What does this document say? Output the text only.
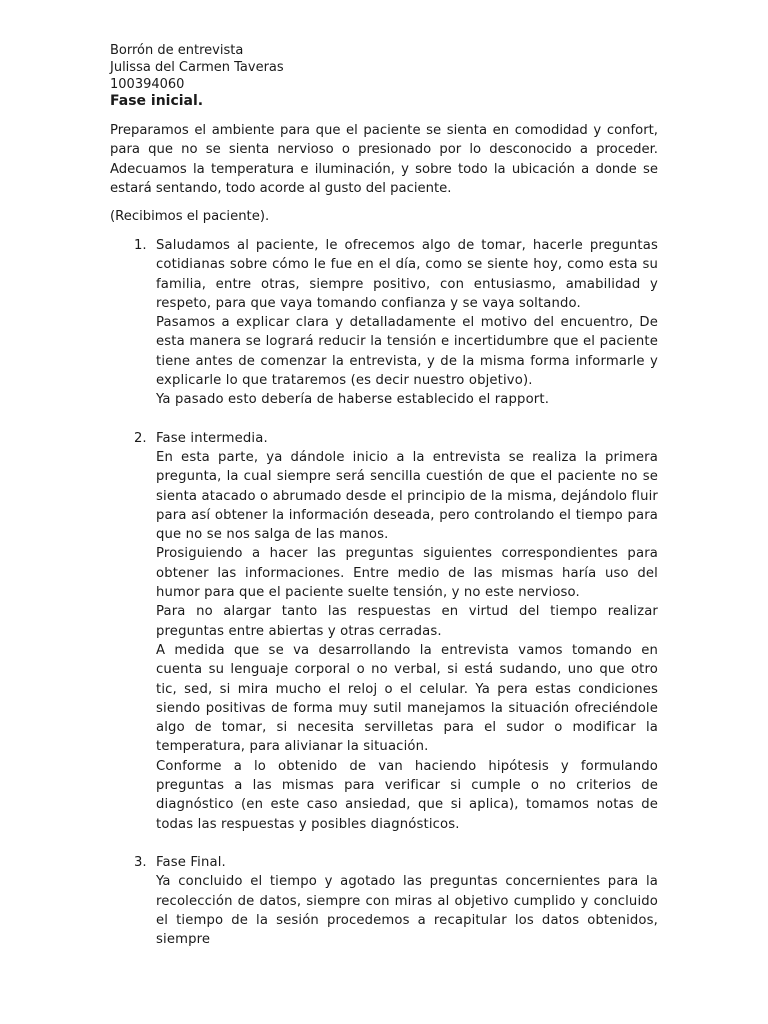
Borrón de entrevista

Julissa del Carmen Taveras

100394060

Fase inicial.

Preparamos el ambiente para que el paciente se sienta en comodidad y confort, para que no se sienta nervioso o presionado por lo desconocido a proceder. Adecuamos la temperatura e iluminación, y sobre todo la ubicación a donde se estará sentando, todo acorde al gusto del paciente.

(Recibimos el paciente).

1. Saludamos al paciente, le ofrecemos algo de tomar, hacerle preguntas cotidianas sobre cómo le fue en el día, como se siente hoy, como esta su familia, entre otras, siempre positivo, con entusiasmo, amabilidad y respeto, para que vaya tomando confianza y se vaya soltando.

Pasamos a explicar clara y detalladamente el motivo del encuentro, De esta manera se logrará reducir la tensión e incertidumbre que el paciente tiene antes de comenzar la entrevista, y de la misma forma informarle y explicarle lo que trataremos (es decir nuestro objetivo).

Ya pasado esto debería de haberse establecido el rapport.

2. Fase intermedia.

En esta parte, ya dándole inicio a la entrevista se realiza la primera pregunta, la cual siempre será sencilla cuestión de que el paciente no se sienta atacado o abrumado desde el principio de la misma, dejándolo fluir para así obtener la información deseada, pero controlando el tiempo para que no se nos salga de las manos.

Prosiguiendo a hacer las preguntas siguientes correspondientes para obtener las informaciones. Entre medio de las mismas haría uso del humor para que el paciente suelte tensión, y no este nervioso.

Para no alargar tanto las respuestas en virtud del tiempo realizar preguntas entre abiertas y otras cerradas.

A medida que se va desarrollando la entrevista vamos tomando en cuenta su lenguaje corporal o no verbal, si está sudando, uno que otro tic, sed, si mira mucho el reloj o el celular. Ya pera estas condiciones siendo positivas de forma muy sutil manejamos la situación ofreciéndole algo de tomar, si necesita servilletas para el sudor o modificar la temperatura, para alivianar la situación.

Conforme a lo obtenido de van haciendo hipótesis y formulando preguntas a las mismas para verificar si cumple o no criterios de diagnóstico (en este caso ansiedad, que si aplica), tomamos notas de todas las respuestas y posibles diagnósticos.

3. Fase Final.

Ya concluido el tiempo y agotado las preguntas concernientes para la recolección de datos, siempre con miras al objetivo cumplido y concluido el tiempo de la sesión procedemos a recapitular los datos obtenidos, siempre
